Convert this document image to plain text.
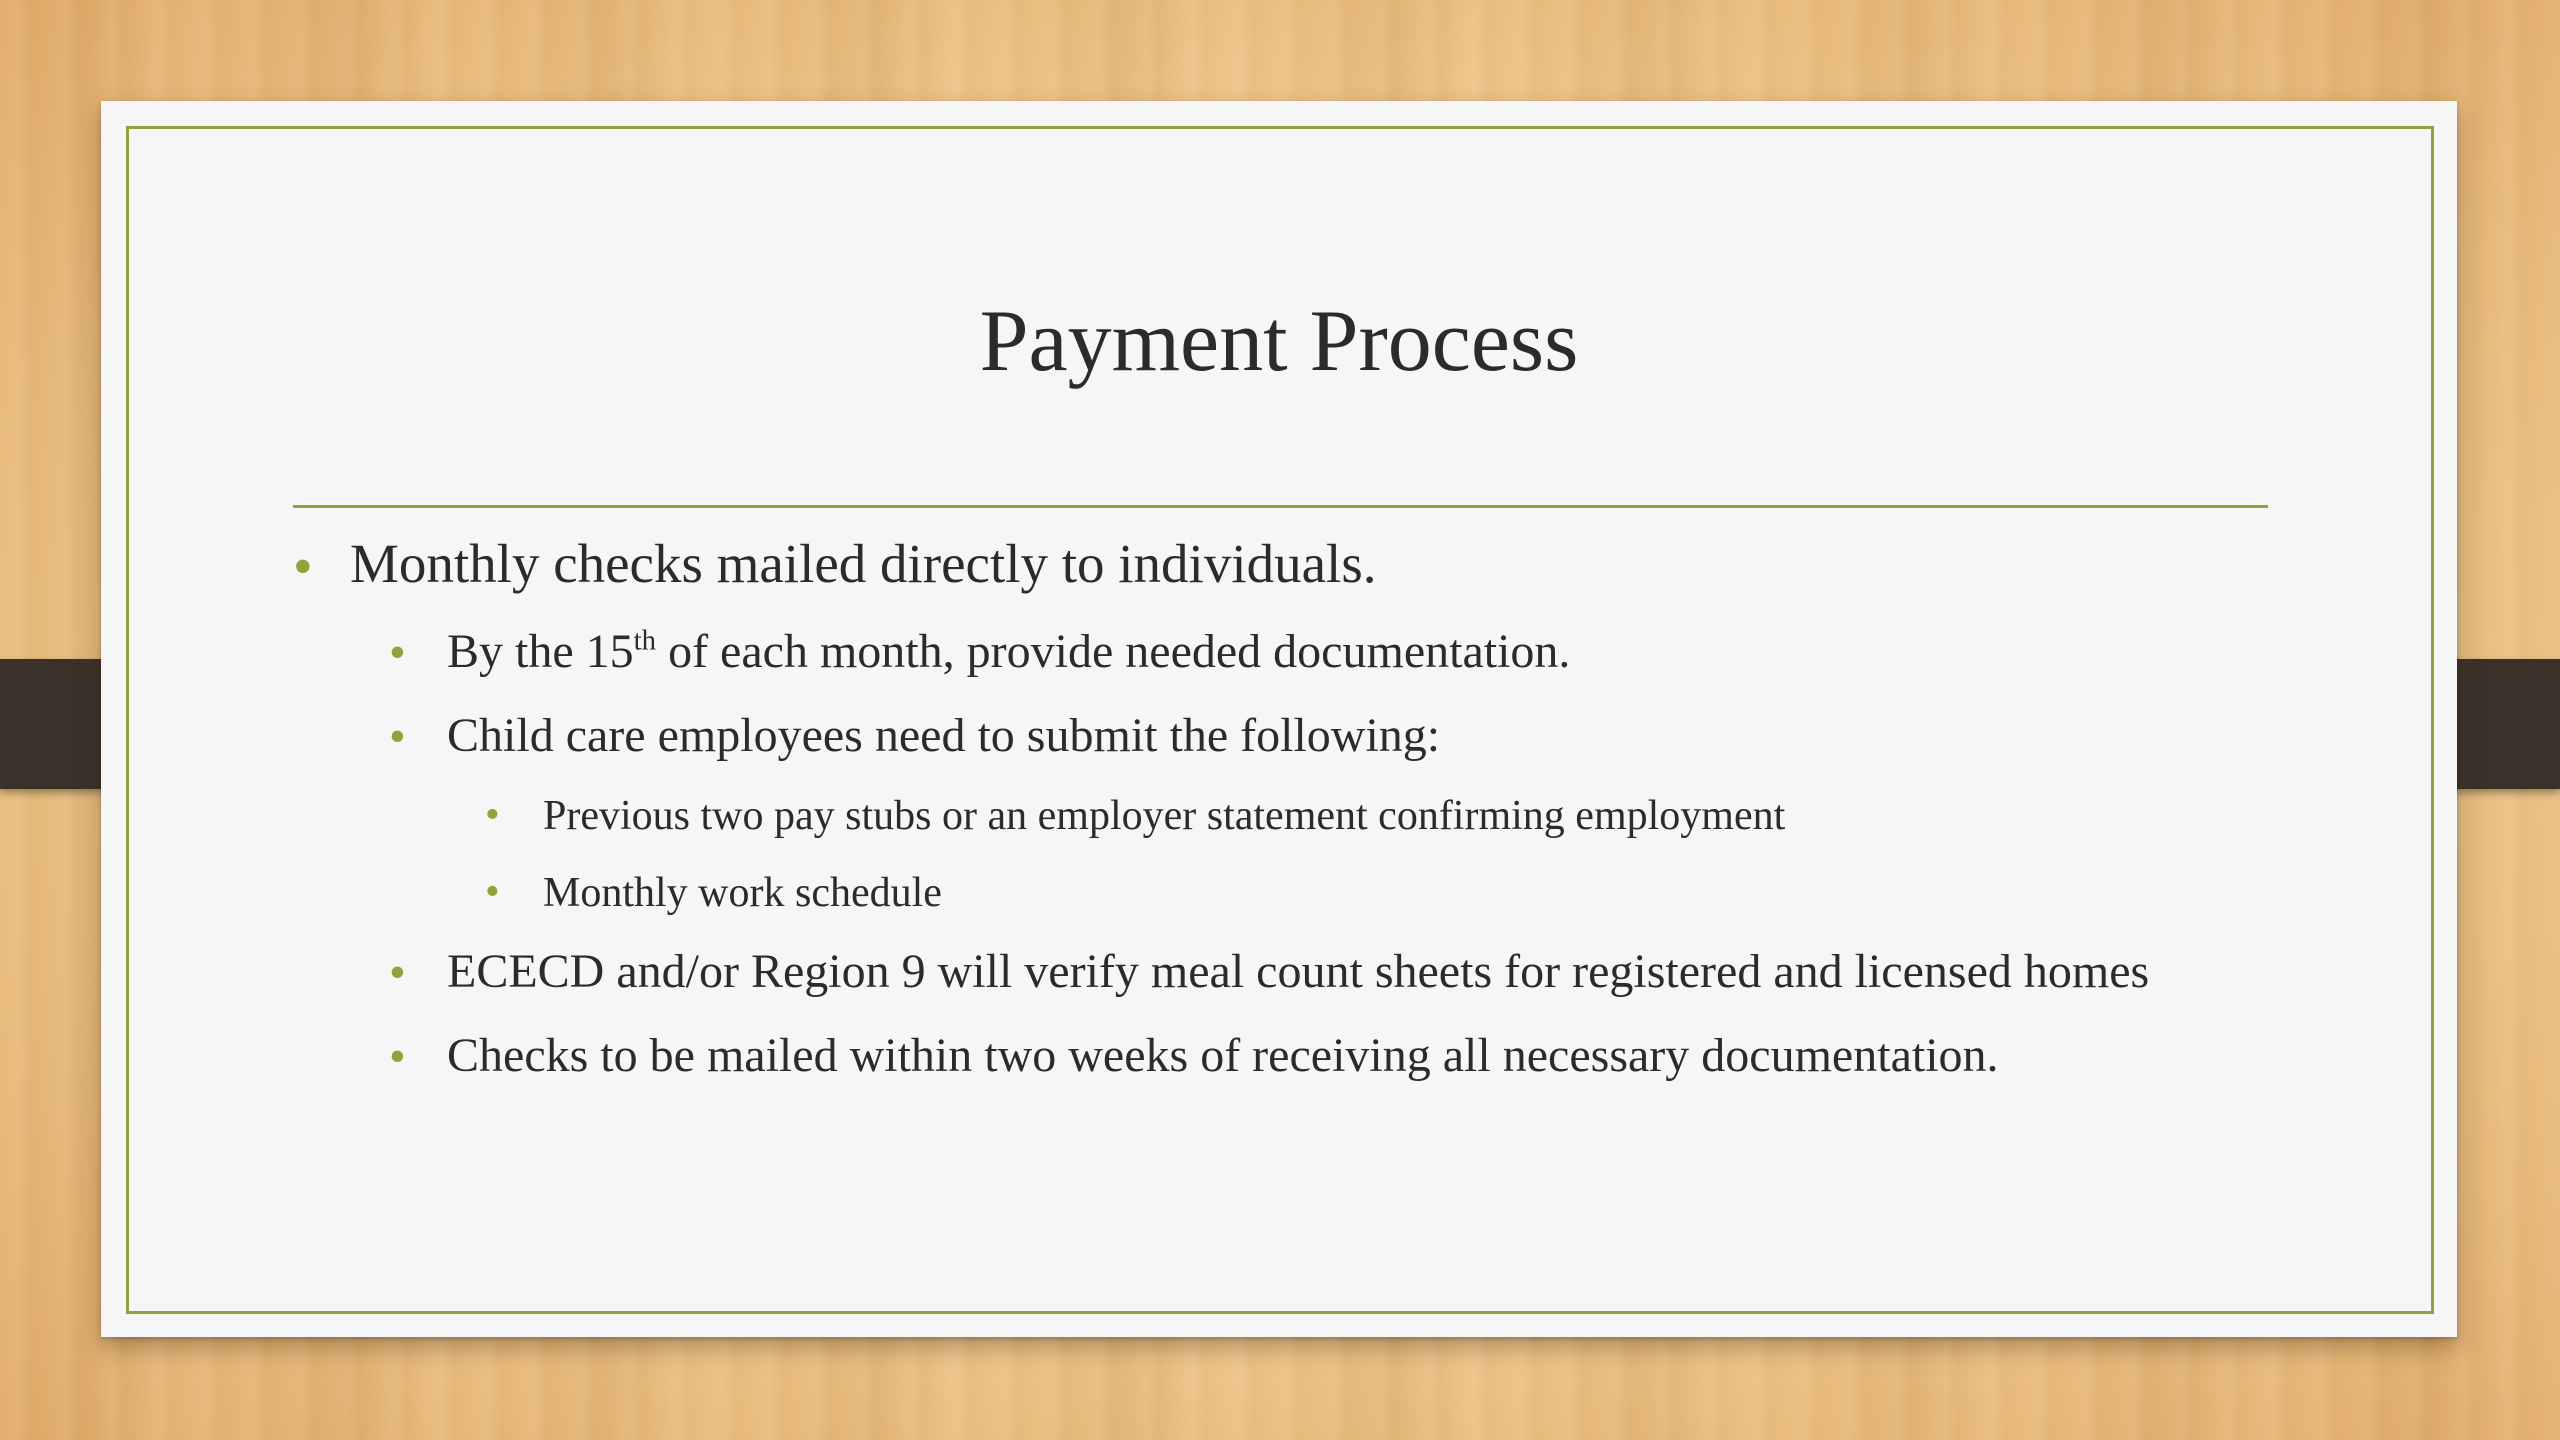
Payment Process
• Monthly checks mailed directly to individuals.
• By the 15th of each month, provide needed documentation.
• Child care employees need to submit the following:
• Previous two pay stubs or an employer statement confirming employment
• Monthly work schedule
• ECECD and/or Region 9 will verify meal count sheets for registered and licensed homes
• Checks to be mailed within two weeks of receiving all necessary documentation.
